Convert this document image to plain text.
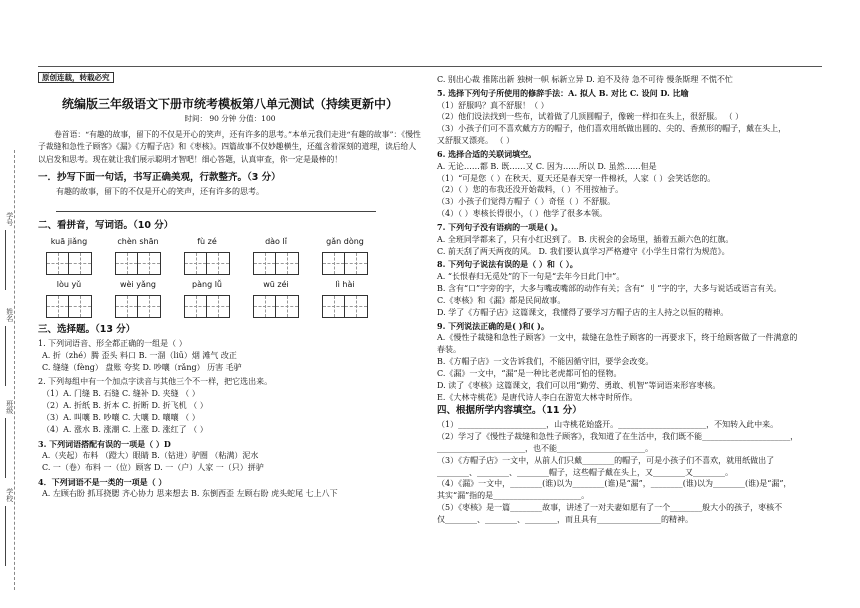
学号
姓名
班级
学校
原创连载，转载必究
统编版三年级语文下册市统考模板第八单元测试（持续更新中）
时间： 90 分钟 分值：100
卷首语：“有趣的故事，留下的不仅是开心的笑声，还有许多的思考。”本单元我们走进“有趣的故事”：《慢性子裁缝和急性子顾客》《漏》《方帽子店》和《枣核》。四篇故事不仅妙趣横生，还蕴含着深刻的道理，读后给人以启发和思考。现在就让我们展示聪明才智吧！细心答题，认真审查，你一定是最棒的！
一．抄写下面一句话，书写正确美观，行款整齐。（3 分）
有趣的故事，留下的不仅是开心的笑声，还有许多的思考。
二、看拼音，写词语。（10 分）
kuā jiǎng	chèn shān	fù zé	dào lǐ	gǎn dòng
lòu yǔ	wèi yǎng	pàng lǚ	wū zéi	lì hài
三、选择题。（13 分）
1. 下列词语音、形全都正确的一组是（ ）
A. 折（zhé）腾 歪头 料口 B. 一溜（liū）烟 滩气 改正
C. 缝缝（fèng） 盘账 夸奖 D. 吵嚷（rǎng） 历害 毛驴
2. 下列每组中有一个加点字读音与其他三个不一样，把它选出来。
（1）A. 门缝 B. 石缝 C. 缝补 D. 夹缝 （ ）
（2）A. 折纸 B. 折本 C. 折断 D. 折飞机 （ ）
（3）A. 叫嚷 B. 吵嚷 C. 大嚷 D. 嚷嚷 （ ）
（4）A. 涨水 B. 涨潮 C. 上涨 D. 涨红了 （ ）
3. 下列词语搭配有误的一项是（ ）D
A.（夹起）布料 （蹬大）眼睛 B.（钻进）驴圈 （粘满）泥水
C. 一（卷）布料 一（位）顾客 D. 一（户）人家 一（只）拼驴
4．下列词语不是一类的一项是（ ）
A. 左顾右盼 抓耳挠腮 齐心协力 思来想去 B. 东倒西歪 左顾右盼 虎头蛇尾 七上八下
C. 别出心裁 推陈出新 独树一帜 标新立异 D. 迫不及待 急不可待 慢条斯理 不慌不忙
5. 选择下列句子所使用的修辞手法：A. 拟人 B. 对比 C. 设问 D. 比喻
（1）舒服吗？真不舒服！（ ）
（2）他们设法找到一些布，试着做了几顶圆帽子，像碗一样扣在头上，很舒服。 （ ）
（3）小孩子们可不喜欢戴方方的帽子，他们喜欢用纸做出圆的、尖的、香蕉形的帽子，戴在头上，
又舒服又漂亮。 （ ）
6. 选择合适的关联词填空。
A. 无论……都 B. 既……又 C. 因为……所以 D. 虽然……但是
（1）“可是您（ ）在秋天、夏天还是春天穿一件棉袄，人家（ ）会笑话您的。
（2）（ ）您的布我还没开始裁料，（ ）不用按袖子。
（3）小孩子们觉得方帽子（ ）奇怪（ ）不舒服。
（4）（ ）枣核长得很小，（ ）他学了很多本领。
7. 下列句子没有语病的一项是( )。
A. 全班同学都来了，只有小红迟到了。 B. 庆祝会的会场里，插着五颜六色的红旗。
C. 前天刮了两天两夜的风。 D. 我们要认真学习严格遵守《小学生日常行为规范》。
8. 下列句子说法有误的是（ ）和（ ）。
A. “长恨春归无觅处”的下一句是“去年今日此门中”。
B. 含有“口”字旁的字，大多与嘴或嘴部的动作有关；含有“ 刂 ”字的字，大多与说话或语言有关。
C.《枣核》和《漏》都是民间故事。
D. 学了《方帽子店》这篇课文，我懂得了要学习方帽子店的主人持之以恒的精神。
9. 下列说法正确的是( )和( )。
A.《慢性子裁缝和急性子顾客》一文中，裁缝在急性子顾客的一再要求下，终于给顾客做了一件满意的
春装。
B.《方帽子店》一文告诉我们，不能因循守旧，要学会改变。
C.《漏》一文中，“漏”是一种比老虎都可怕的怪物。
D. 读了《枣核》这篇课文，我们可以用“勤劳、勇敢、机智”等词语来形容枣核。
E.《大林寺桃花》是唐代诗人李白在游览大林寺时所作。
四、根据所学内容填空。（11 分）
（1）______________________，山寺桃花始盛开。______________________，不知转入此中来。
（2）学习了《慢性子裁缝和急性子顾客》，我知道了在生活中，我们既不能______________________，
______________________，也不能______________________。
（3）《方帽子店》一文中，从前人们只戴________的帽子，可是小孩子们不喜欢，就用纸做出了
________、________、________帽子，这些帽子戴在头上，又________又________。
（4）《漏》一文中，________(谁)以为________(谁)是“漏”，________(谁)以为________(谁)是“漏”，
其实“漏”指的是______________________。
（5）《枣核》是一篇________故事，讲述了一对夫妻如愿有了一个________般大小的孩子，枣核不
仅________、________、________，而且具有________________的精神。
